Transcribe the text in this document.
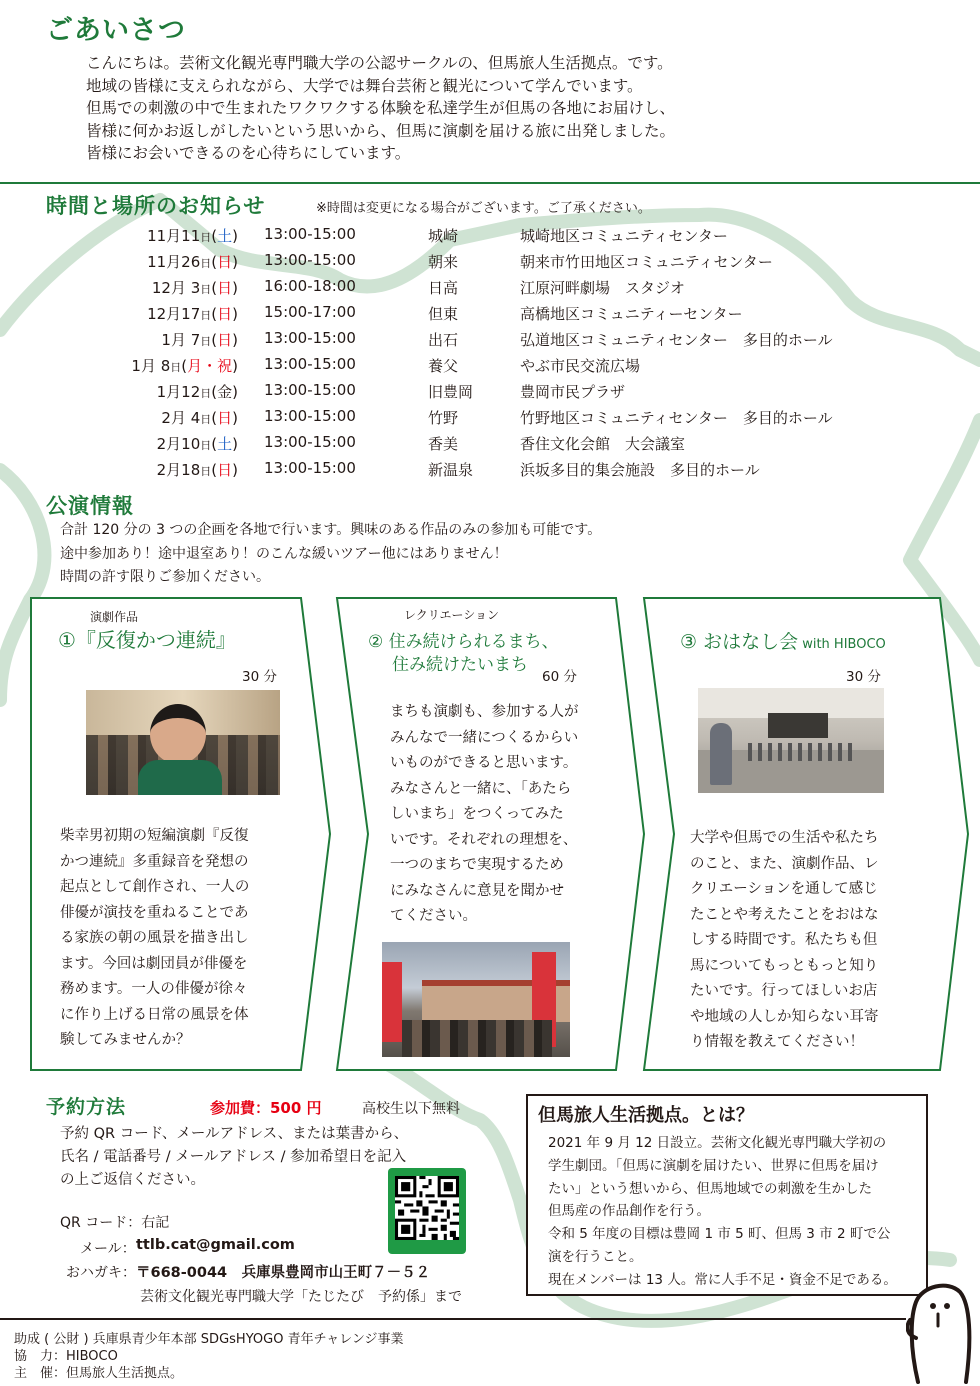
ごあいさつ

こんにちは。芸術文化観光専門職大学の公認サークルの、但馬旅人生活拠点。です。

地域の皆様に支えられながら、大学では舞台芸術と観光について学んでいます。

但馬での刺激の中で生まれたワクワクする体験を私達学生が但馬の各地にお届けし、

皆様に何かお返しがしたいという思いから、但馬に演劇を届ける旅に出発しました。

皆様にお会いできるのを心待ちにしています。

時間と場所のお知らせ	※時間は変更になる場合がございます。ご了承ください。
11月11日(土) 13:00-15:00	城崎	城崎地区コミュニティセンター
11月26日(日) 13:00-15:00	朝来	朝来市竹田地区コミュニティセンター
12月 3日(日) 16:00-18:00	日高	江原河畔劇場　スタジオ
12月17日(日) 15:00-17:00	但東	高橋地区コミュニティーセンター
1月 7日(日) 13:00-15:00	出石	弘道地区コミュニティセンター　多目的ホール
1月 8日(月・祝) 13:00-15:00	養父	やぶ市民交流広場
1月12日(金) 13:00-15:00	旧豊岡	豊岡市民プラザ
2月 4日(日) 13:00-15:00	竹野	竹野地区コミュニティセンター　多目的ホール
2月10日(土) 13:00-15:00	香美	香住文化会館　大会議室
2月18日(日) 13:00-15:00	新温泉	浜坂多目的集会施設　多目的ホール
公演情報

合計 120 分の 3 つの企画を各地で行います。興味のある作品のみの参加も可能です。

途中参加あり！途中退室あり！のこんな緩いツアー他にはありません！

時間の許す限りご参加ください。

演劇作品
①『反復かつ連続』
30 分
柴幸男初期の短編演劇『反復
かつ連続』多重録音を発想の
起点として創作され、一人の
俳優が演技を重ねることであ
る家族の朝の風景を描き出し
ます。今回は劇団員が俳優を
務めます。一人の俳優が徐々
に作り上げる日常の風景を体
験してみませんか？
レクリエーション
② 住み続けられるまち、
住み続けたいまち
60 分
まちも演劇も、参加する人が
みんなで一緒につくるからい
いものができると思います。
みなさんと一緒に、「あたら
しいまち」をつくってみた
いです。それぞれの理想を、
一つのまちで実現するため
にみなさんに意見を聞かせ
てください。
③ おはなし会 with HIBOCO
30 分
大学や但馬での生活や私たち
のこと、また、演劇作品、レ
クリエーションを通して感じ
たことや考えたことをおはな
しする時間です。私たちも但
馬についてもっともっと知り
たいです。行ってほしいお店
や地域の人しか知らない耳寄
り情報を教えてください！
予約方法	参加費：500 円	高校生以下無料

予約 QR コード、メールアドレス、または葉書から、

氏名 / 電話番号 / メールアドレス / 参加希望日を記入

の上ご返信ください。

QR コード：右記
メール： ttlb.cat@gmail.com
おハガキ： 〒668-0044　兵庫県豊岡市山王町７－５２
芸術文化観光専門職大学「たじたび　予約係」まで
但馬旅人生活拠点。とは？

2021 年 9 月 12 日設立。芸術文化観光専門職大学初の

学生劇団。「但馬に演劇を届けたい、世界に但馬を届け

たい」という想いから、但馬地域での刺激を生かした

但馬産の作品創作を行う。

令和 5 年度の目標は豊岡 1 市 5 町、但馬 3 市 2 町で公

演を行うこと。

現在メンバーは 13 人。常に人手不足・資金不足である。

助成 ( 公財 ) 兵庫県青少年本部 SDGsHYOGO 青年チャレンジ事業

協　力：HIBOCO

主　催：但馬旅人生活拠点。
